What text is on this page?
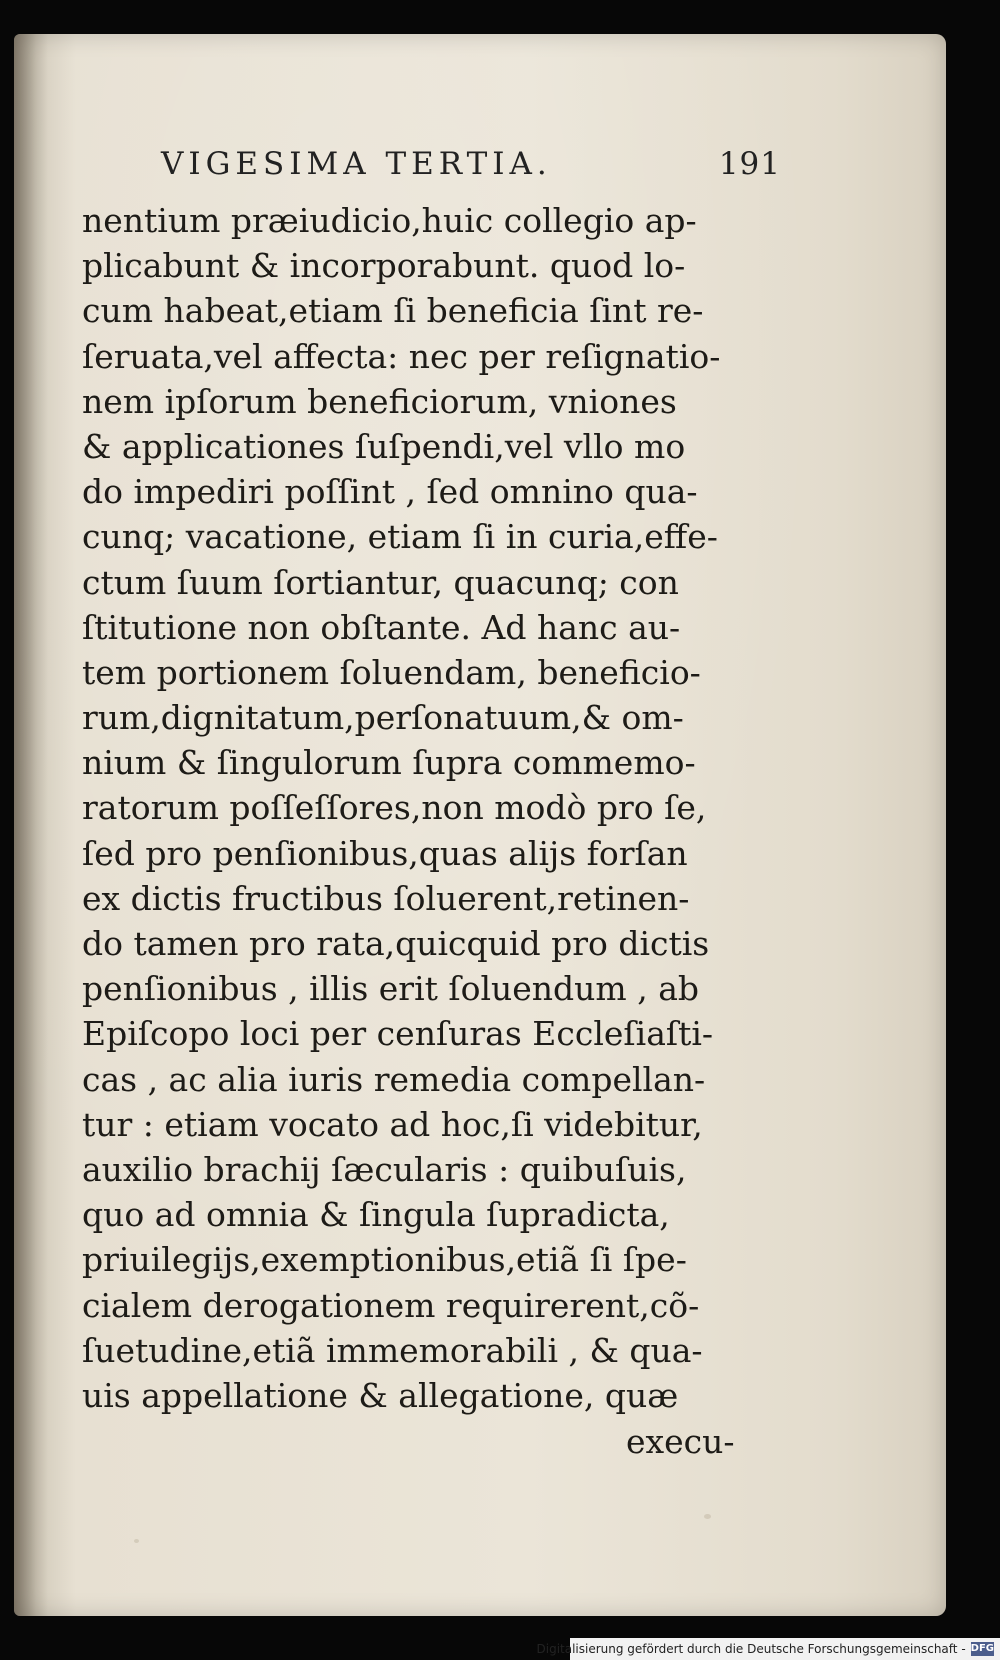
VIGESIMA TERTIA.	191
nentium præiudicio,huic collegio ap-
plicabunt & incorporabunt. quod lo-
cum habeat,etiam ſi beneficia ſint re-
ſeruata,vel affecta: nec per reſignatio-
nem ipſorum beneficiorum, vniones
& applicationes ſuſpendi,vel vllo mo
do impediri poſſint , ſed omnino qua-
cunq; vacatione, etiam ſi in curia,effe-
ctum ſuum ſortiantur, quacunq; con
ſtitutione non obſtante. Ad hanc au-
tem portionem ſoluendam, beneficio-
rum,dignitatum,perſonatuum,& om-
nium & ſingulorum ſupra commemo-
ratorum poſſeſſores,non modò pro ſe,
ſed pro penſionibus,quas alijs forſan
ex dictis fructibus ſoluerent,retinen-
do tamen pro rata,quicquid pro dictis
penſionibus , illis erit ſoluendum , ab
Epiſcopo loci per cenſuras Eccleſiaſti-
cas , ac alia iuris remedia compellan-
tur : etiam vocato ad hoc,ſi videbitur,
auxilio brachij ſæcularis : quibuſuis,
quo ad omnia & ſingula ſupradicta,
priuilegijs,exemptionibus,etiã ſi ſpe-
cialem derogationem requirerent,cõ-
ſuetudine,etiã immemorabili , & qua-
uis appellatione & allegatione, quæ
execu-
Digitalisierung gefördert durch die Deutsche Forschungsgemeinschaft - DFG
